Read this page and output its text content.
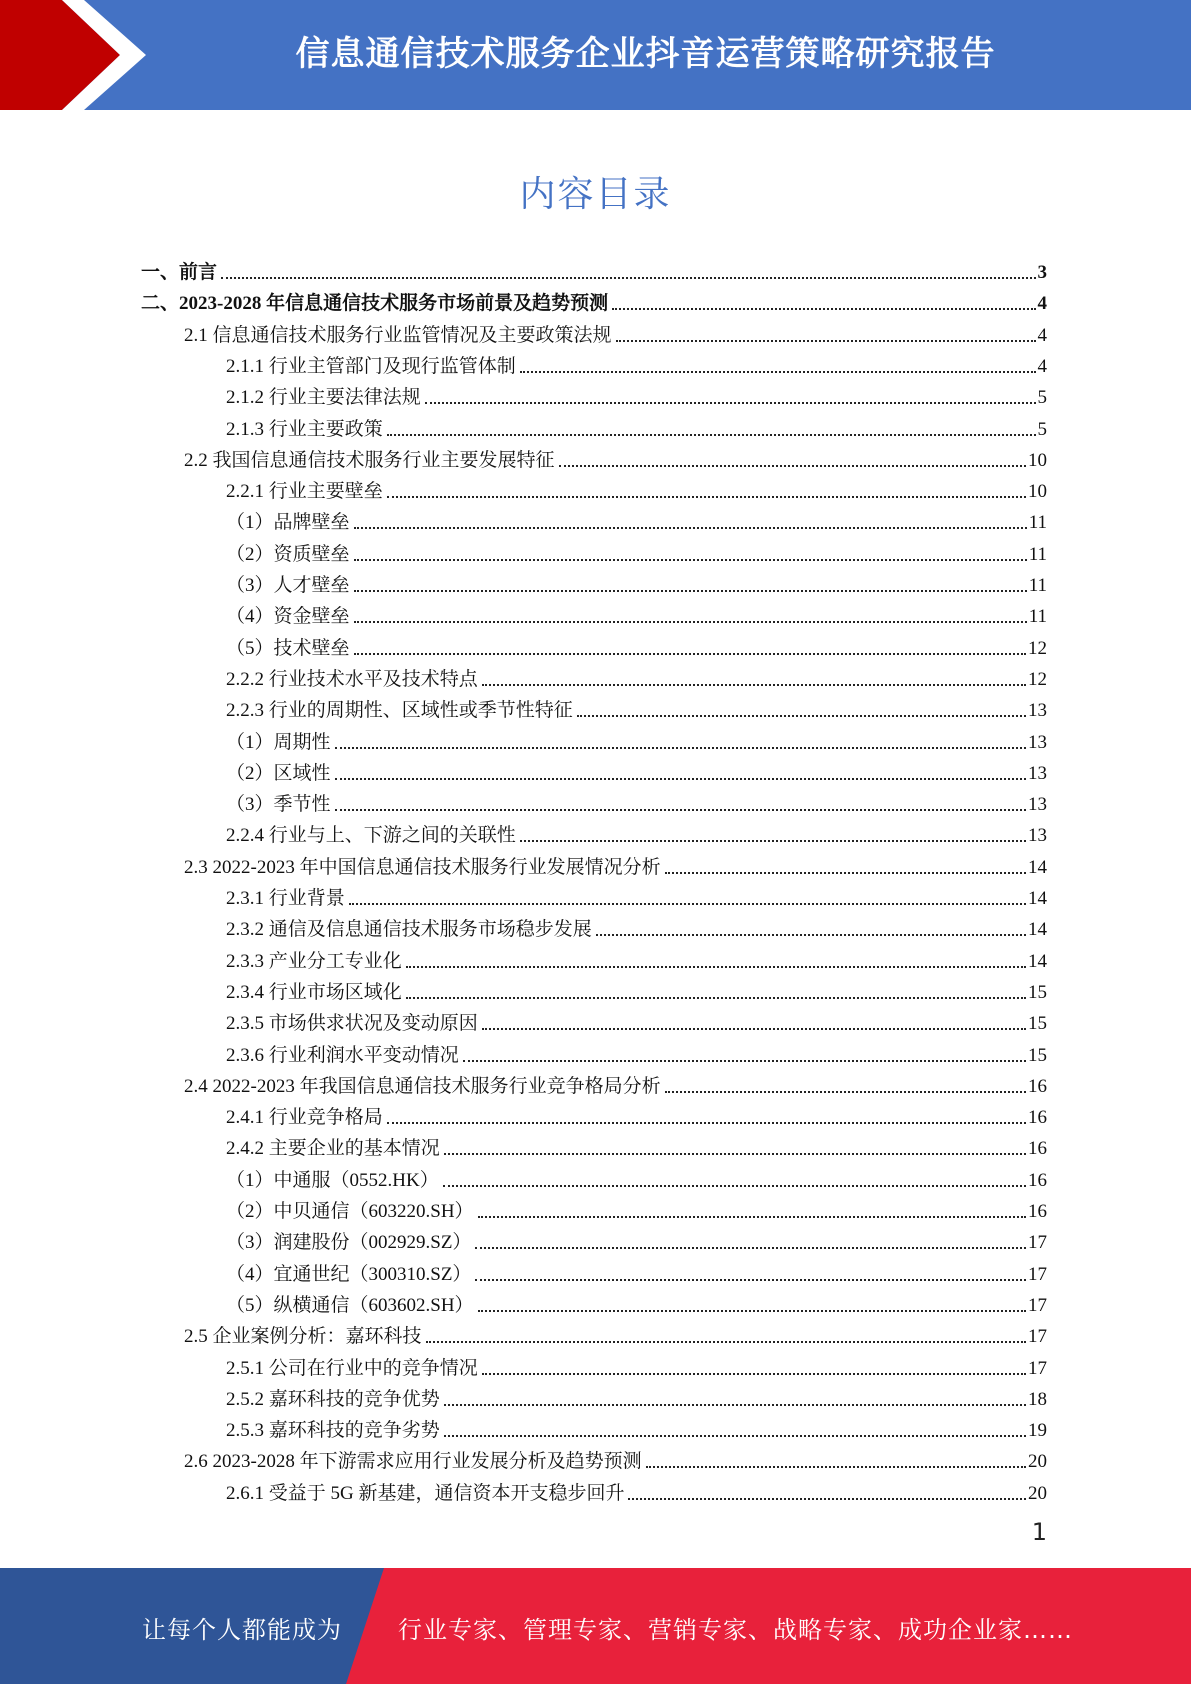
信息通信技术服务企业抖音运营策略研究报告
内容目录
一、前言	3
二、2023-2028 年信息通信技术服务市场前景及趋势预测	4
2.1 信息通信技术服务行业监管情况及主要政策法规	4
2.1.1 行业主管部门及现行监管体制	4
2.1.2 行业主要法律法规	5
2.1.3 行业主要政策	5
2.2 我国信息通信技术服务行业主要发展特征	10
2.2.1 行业主要壁垒	10
（1）品牌壁垒	11
（2）资质壁垒	11
（3）人才壁垒	11
（4）资金壁垒	11
（5）技术壁垒	12
2.2.2 行业技术水平及技术特点	12
2.2.3 行业的周期性、区域性或季节性特征	13
（1）周期性	13
（2）区域性	13
（3）季节性	13
2.2.4 行业与上、下游之间的关联性	13
2.3 2022-2023 年中国信息通信技术服务行业发展情况分析	14
2.3.1 行业背景	14
2.3.2 通信及信息通信技术服务市场稳步发展	14
2.3.3 产业分工专业化	14
2.3.4 行业市场区域化	15
2.3.5 市场供求状况及变动原因	15
2.3.6 行业利润水平变动情况	15
2.4 2022-2023 年我国信息通信技术服务行业竞争格局分析	16
2.4.1 行业竞争格局	16
2.4.2 主要企业的基本情况	16
（1）中通服（0552.HK）	16
（2）中贝通信（603220.SH）	16
（3）润建股份（002929.SZ）	17
（4）宜通世纪（300310.SZ）	17
（5）纵横通信（603602.SH）	17
2.5 企业案例分析：嘉环科技	17
2.5.1 公司在行业中的竞争情况	17
2.5.2 嘉环科技的竞争优势	18
2.5.3 嘉环科技的竞争劣势	19
2.6 2023-2028 年下游需求应用行业发展分析及趋势预测	20
2.6.1 受益于 5G 新基建，通信资本开支稳步回升	20
1
让每个人都能成为 行业专家、管理专家、营销专家、战略专家、成功企业家……
